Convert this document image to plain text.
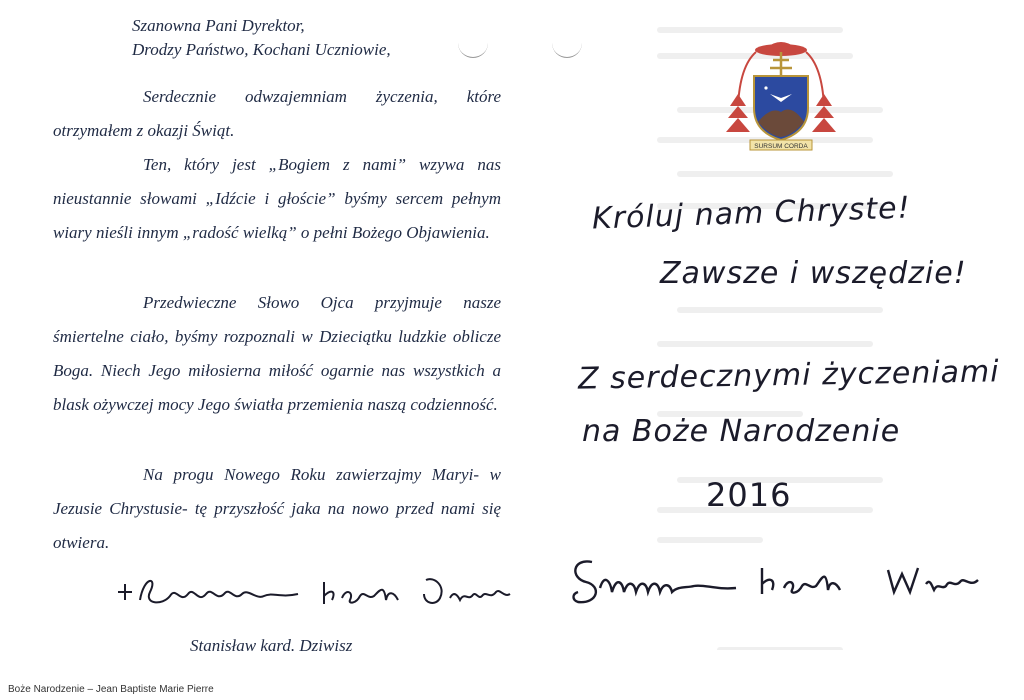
Szanowna Pani Dyrektor,

Drodzy Państwo, Kochani Uczniowie,

Serdecznie odwzajemniam życzenia, które otrzymałem z okazji Świąt.

Ten, który jest „Bogiem z nami” wzywa nas nieustannie słowami „Idźcie i głoście” byśmy sercem pełnym wiary nieśli innym „radość wielką” o pełni Bożego Objawienia.

Przedwieczne Słowo Ojca przyjmuje nasze śmiertelne ciało, byśmy rozpoznali w Dzieciątku ludzkie oblicze Boga. Niech Jego miłosierna miłość ogarnie nas wszystkich a blask ożywczej mocy Jego światła przemienia naszą codzienność.

Na progu Nowego Roku zawierzajmy Maryi- w Jezusie Chrystusie- tę przyszłość jaka na nowo przed nami się otwiera.

Stanisław kard. Dziwisz
Boże Narodzenie – Jean Baptiste Marie Pierre
SURSUM CORDA
Króluj nam Chryste!
Zawsze i wszędzie!
Z serdecznymi życzeniami
na Boże Narodzenie
2016
